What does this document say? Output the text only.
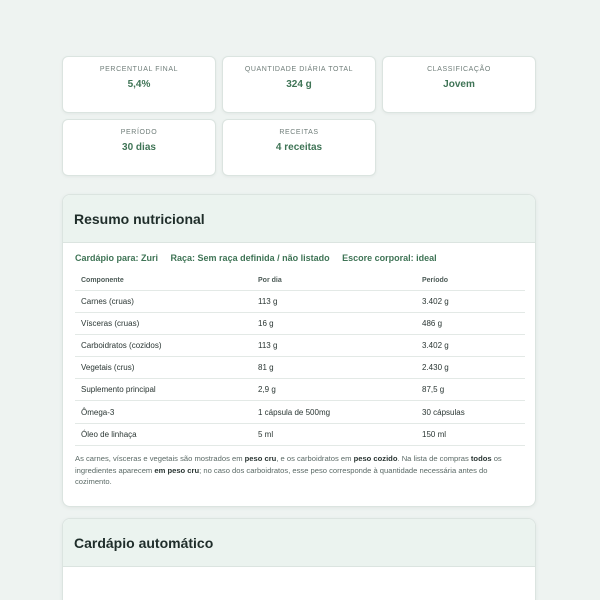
PERCENTUAL FINAL
5,4%
QUANTIDADE DIÁRIA TOTAL
324 g
CLASSIFICAÇÃO
Jovem
PERÍODO
30 dias
RECEITAS
4 receitas
Resumo nutricional
Cardápio para: Zuri Raça: Sem raça definida / não listado Escore corporal: ideal
Componente	Por dia	Período
Carnes (cruas)	113 g	3.402 g
Vísceras (cruas)	16 g	486 g
Carboidratos (cozidos)	113 g	3.402 g
Vegetais (crus)	81 g	2.430 g
Suplemento principal	2,9 g	87,5 g
Ômega-3	1 cápsula de 500mg	30 cápsulas
Óleo de linhaça	5 ml	150 ml

As carnes, vísceras e vegetais são mostrados em peso cru, e os carboidratos em peso cozido. Na lista de compras todos os ingredientes aparecem em peso cru; no caso dos carboidratos, esse peso corresponde à quantidade necessária antes do cozimento.

Cardápio automático
